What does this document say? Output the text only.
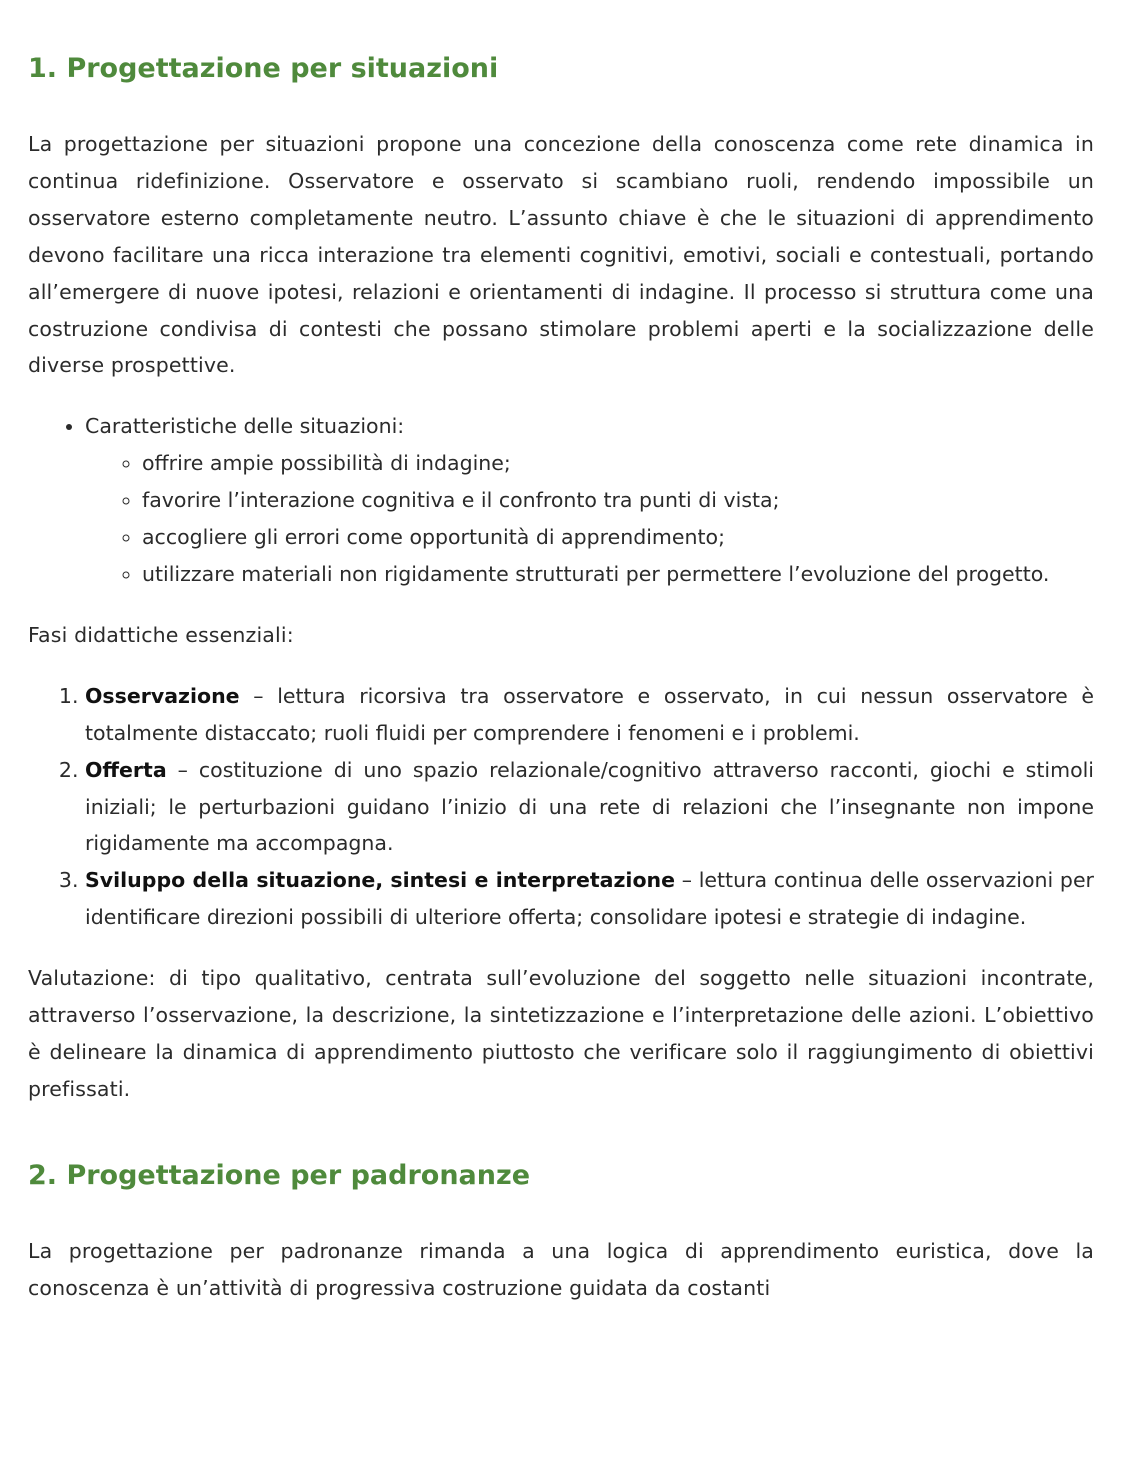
1. Progettazione per situazioni

La progettazione per situazioni propone una concezione della conoscenza come rete dinamica in continua ridefinizione. Osservatore e osservato si scambiano ruoli, rendendo impossibile un osservatore esterno completamente neutro. L’assunto chiave è che le situazioni di apprendimento devono facilitare una ricca interazione tra elementi cognitivi, emotivi, sociali e contestuali, portando all’emergere di nuove ipotesi, relazioni e orientamenti di indagine. Il processo si struttura come una costruzione condivisa di contesti che possano stimolare problemi aperti e la socializzazione delle diverse prospettive.

• Caratteristiche delle situazioni:
◦ offrire ampie possibilità di indagine;
◦ favorire l’interazione cognitiva e il confronto tra punti di vista;
◦ accogliere gli errori come opportunità di apprendimento;
◦ utilizzare materiali non rigidamente strutturati per permettere l’evoluzione del progetto.

Fasi didattiche essenziali:

1. Osservazione – lettura ricorsiva tra osservatore e osservato, in cui nessun osservatore è totalmente distaccato; ruoli fluidi per comprendere i fenomeni e i problemi.
2. Offerta – costituzione di uno spazio relazionale/cognitivo attraverso racconti, giochi e stimoli iniziali; le perturbazioni guidano l’inizio di una rete di relazioni che l’insegnante non impone rigidamente ma accompagna.
3. Sviluppo della situazione, sintesi e interpretazione – lettura continua delle osservazioni per identificare direzioni possibili di ulteriore offerta; consolidare ipotesi e strategie di indagine.

Valutazione: di tipo qualitativo, centrata sull’evoluzione del soggetto nelle situazioni incontrate, attraverso l’osservazione, la descrizione, la sintetizzazione e l’interpretazione delle azioni. L’obiettivo è delineare la dinamica di apprendimento piuttosto che verificare solo il raggiungimento di obiettivi prefissati.

2. Progettazione per padronanze

La progettazione per padronanze rimanda a una logica di apprendimento euristica, dove la conoscenza è un’attività di progressiva costruzione guidata da costanti
